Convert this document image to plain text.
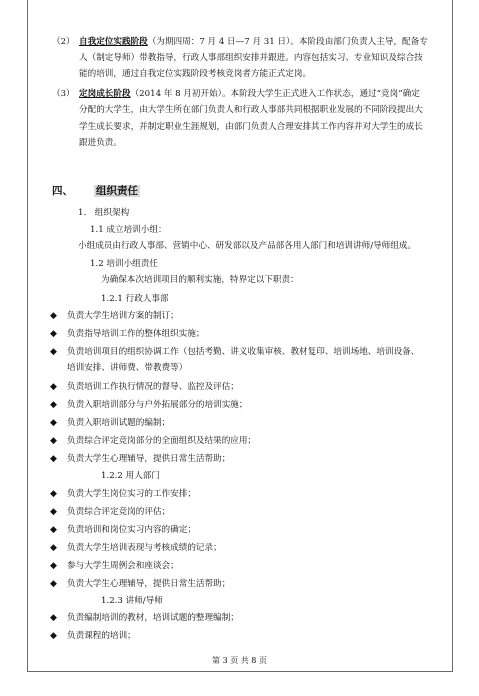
（2） 自我定位实践阶段（为期四周：7 月 4 日—7 月 31 日）。本阶段由部门负责人主导，配备专
人（制定导师）带教指导，行政人事部组织安排并跟进。内容包括实习、专业知识及综合技
能的培训，通过自我定位实践阶段考核竞岗者方能正式定岗。
（3） 定岗成长阶段（2014 年 8 月初开始）。本阶段大学生正式进入工作状态，通过“竞岗”确定
分配的大学生，由大学生所在部门负责人和行政人事部共同根据职业发展的不同阶段提出大
学生成长要求，并制定职业生涯规划，由部门负责人合理安排其工作内容并对大学生的成长
跟进负责。
四、 组织责任
1.　组织架构
1.1 成立培训小组：
小组成员由行政人事部、营销中心、研发部以及产品部各用人部门和培训讲师/导师组成。
1.2 培训小组责任
为确保本次培训项目的顺利实施，特界定以下职责：
1.2.1 行政人事部
◆ 负责大学生培训方案的制订；
◆ 负责指导培训工作的整体组织实施；
◆ 负责培训项目的组织协调工作（包括考勤、讲义收集审核、教材复印、培训场地、培训设备、
培训安排、讲师费、带教费等）
◆ 负责培训工作执行情况的督导、监控及评估；
◆ 负责入职培训部分与户外拓展部分的培训实施；
◆ 负责入职培训试题的编制；
◆ 负责综合评定竞岗部分的全面组织及结果的应用；
◆ 负责大学生心理辅导，提供日常生活帮助；
1.2.2 用人部门
◆ 负责大学生岗位实习的工作安排；
◆ 负责综合评定竞岗的评估；
◆ 负责培训和岗位实习内容的确定；
◆ 负责大学生培训表现与考核成绩的记录；
◆ 参与大学生周例会和座谈会；
◆ 负责大学生心理辅导，提供日常生活帮助；
1.2.3 讲师/导师
◆ 负责编制培训的教材，培训试题的整理编制；
◆ 负责课程的培训；
第 3 页 共 8 页
